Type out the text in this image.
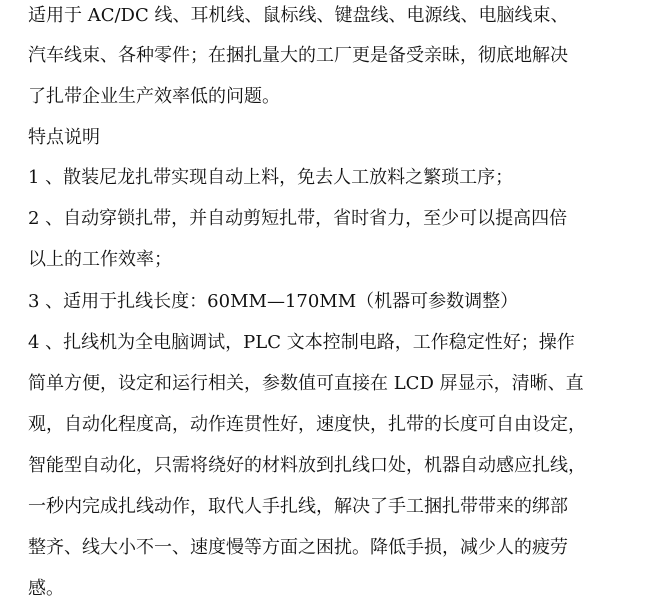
适用于 AC/DC 线、耳机线、鼠标线、键盘线、电源线、电脑线束、
汽车线束、各种零件；在捆扎量大的工厂更是备受亲昧，彻底地解决
了扎带企业生产效率低的问题。
特点说明
1 、散装尼龙扎带实现自动上料，免去人工放料之繁琐工序；
2 、自动穿锁扎带，并自动剪短扎带，省时省力，至少可以提高四倍
以上的工作效率；
3 、适用于扎线长度：60MM—170MM（机器可参数调整）
4 、扎线机为全电脑调试，PLC 文本控制电路，工作稳定性好；操作
简单方便，设定和运行相关，参数值可直接在 LCD 屏显示，清晰、直
观，自动化程度高，动作连贯性好，速度快，扎带的长度可自由设定，
智能型自动化，只需将绕好的材料放到扎线口处，机器自动感应扎线，
一秒内完成扎线动作，取代人手扎线，解决了手工捆扎带带来的绑部
整齐、线大小不一、速度慢等方面之困扰。降低手损，减少人的疲劳
感。
